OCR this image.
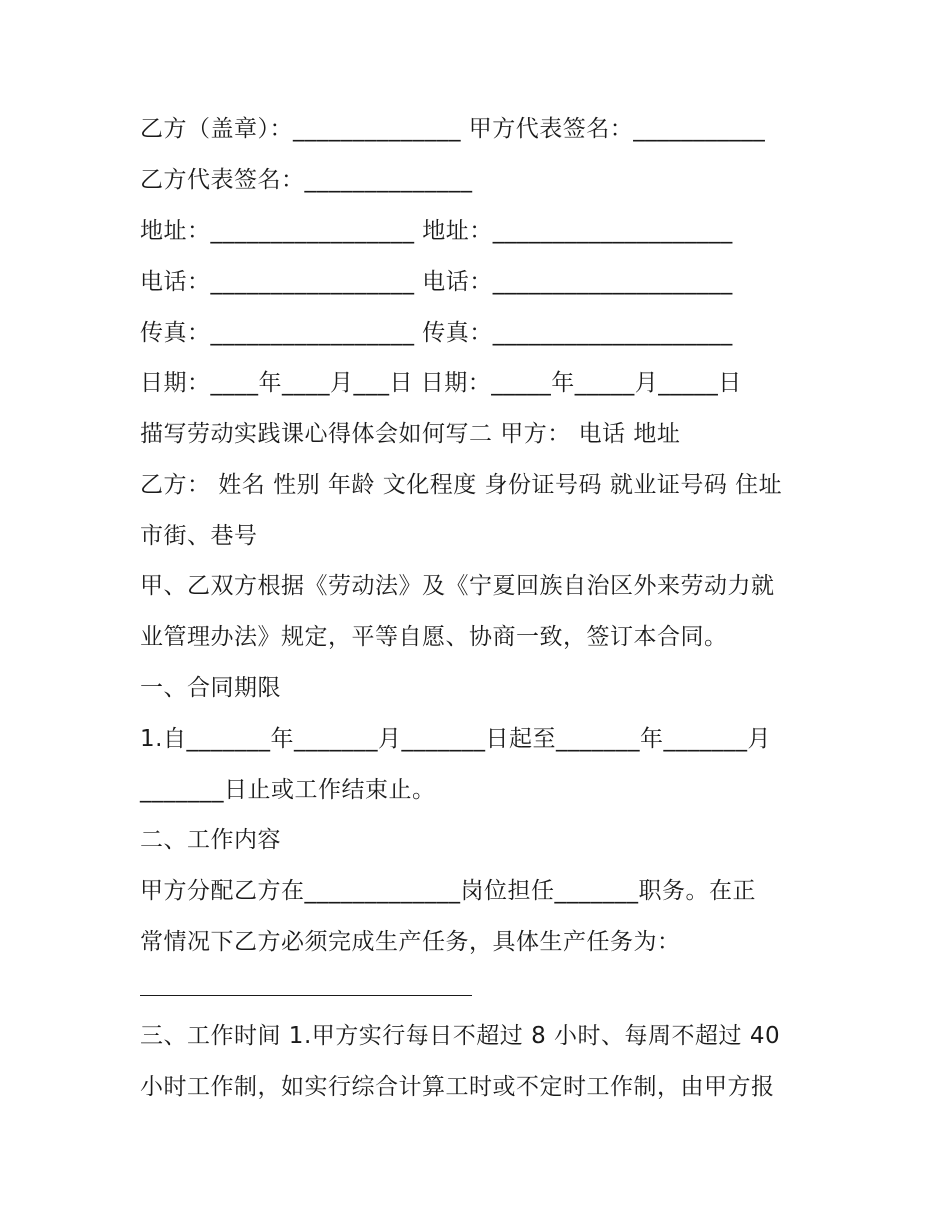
乙方（盖章）：______________ 甲方代表签名：___________
乙方代表签名：______________
地址：_________________ 地址：____________________
电话：_________________ 电话：____________________
传真：_________________ 传真：____________________
日期：____年____月___日 日期：_____年_____月_____日
描写劳动实践课心得体会如何写二 甲方： 电话 地址
乙方： 姓名 性别 年龄 文化程度 身份证号码 就业证号码 住址
市街、巷号
甲、乙双方根据《劳动法》及《宁夏回族自治区外来劳动力就
业管理办法》规定，平等自愿、协商一致，签订本合同。
一、合同期限
1.自_______年_______月_______日起至_______年_______月
_______日止或工作结束止。
二、工作内容
甲方分配乙方在_____________岗位担任_______职务。在正
常情况下乙方必须完成生产任务，具体生产任务为：
三、工作时间 1.甲方实行每日不超过 8 小时、每周不超过 40
小时工作制，如实行综合计算工时或不定时工作制，由甲方报
